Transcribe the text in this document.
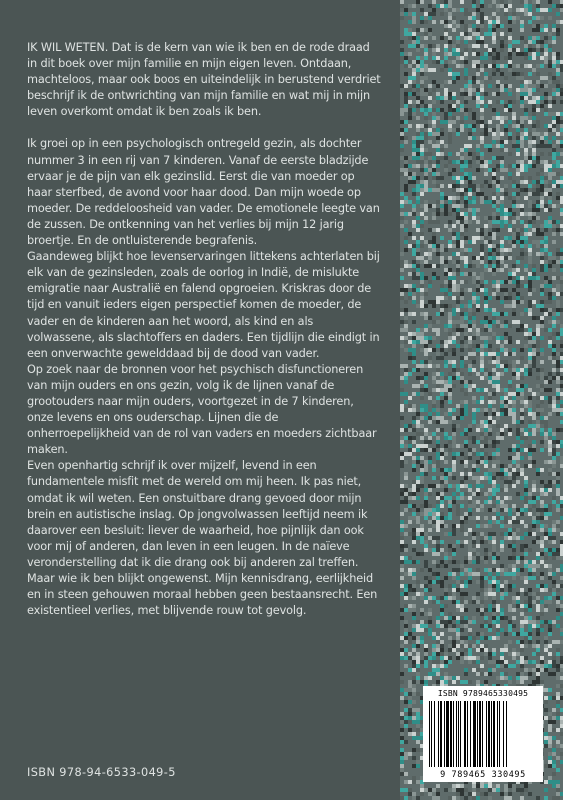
IK WIL WETEN. Dat is de kern van wie ik ben en de rode draad in dit boek over mijn familie en mijn eigen leven. Ontdaan, machteloos, maar ook boos en uiteindelijk in berustend verdriet beschrijf ik de ontwrichting van mijn familie en wat mij in mijn leven overkomt omdat ik ben zoals ik ben.

Ik groei op in een psychologisch ontregeld gezin, als dochter nummer 3 in een rij van 7 kinderen. Vanaf de eerste bladzijde ervaar je de pijn van elk gezinslid. Eerst die van moeder op haar sterfbed, de avond voor haar dood. Dan mijn woede op moeder. De reddeloosheid van vader. De emotionele leegte van de zussen. De ontkenning van het verlies bij mijn 12 jarig broertje. En de ontluisterende begrafenis.

Gaandeweg blijkt hoe levenservaringen littekens achterlaten bij elk van de gezinsleden, zoals de oorlog in Indië, de mislukte emigratie naar Australië en falend opgroeien. Kriskras door de tijd en vanuit ieders eigen perspectief komen de moeder, de vader en de kinderen aan het woord, als kind en als volwassene, als slachtoffers en daders. Een tijdlijn die eindigt in een onverwachte gewelddaad bij de dood van vader.

Op zoek naar de bronnen voor het psychisch disfunctioneren van mijn ouders en ons gezin, volg ik de lijnen vanaf de grootouders naar mijn ouders, voortgezet in de 7 kinderen, onze levens en ons ouderschap. Lijnen die de onherroepelijkheid van de rol van vaders en moeders zichtbaar maken.

Even openhartig schrijf ik over mijzelf, levend in een fundamentele misfit met de wereld om mij heen. Ik pas niet, omdat ik wil weten. Een onstuitbare drang gevoed door mijn brein en autistische inslag. Op jongvolwassen leeftijd neem ik daarover een besluit: liever de waarheid, hoe pijnlijk dan ook voor mij of anderen, dan leven in een leugen. In de naïeve veronderstelling dat ik die drang ook bij anderen zal treffen. Maar wie ik ben blijkt ongewenst. Mijn kennisdrang, eerlijkheid en in steen gehouwen moraal hebben geen bestaansrecht. Een existentieel verlies, met blijvende rouw tot gevolg.

ISBN 978-94-6533-049-5
ISBN 9789465330495
9 789465 330495
